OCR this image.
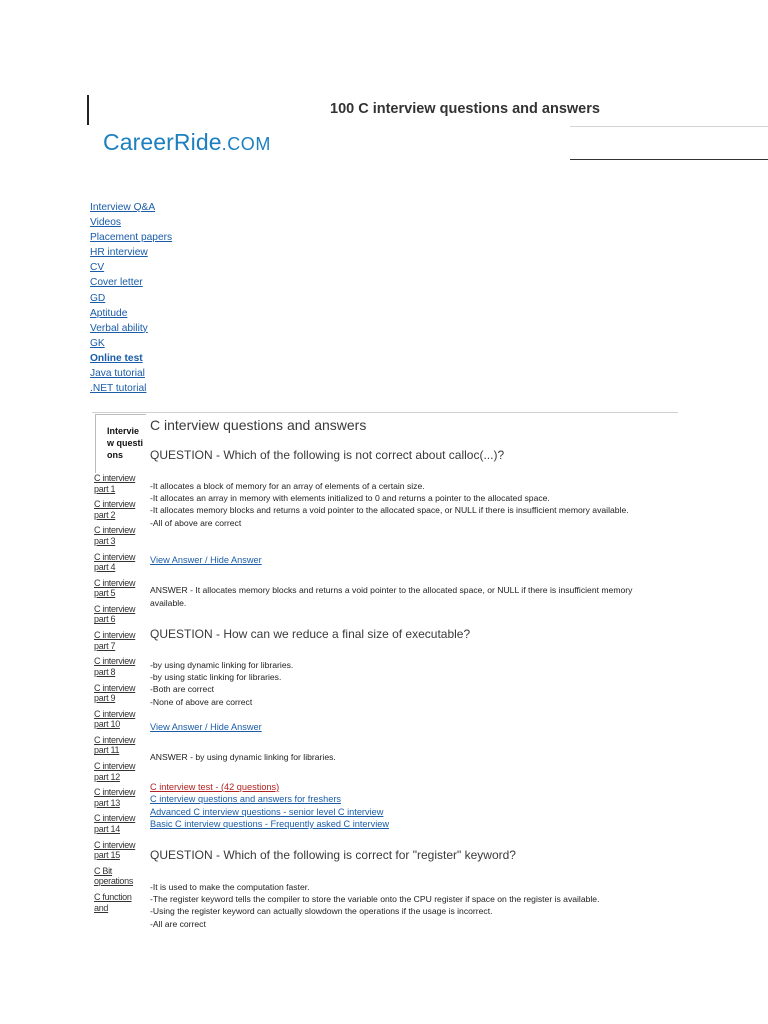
100 C interview questions and answers
CareerRide.COM
Interview Q&A
Videos
Placement papers
HR interview
CV
Cover letter
GD
Aptitude
Verbal ability
GK
Online test
Java tutorial
.NET tutorial
Interview questions
C interview part 1
C interview part 2
C interview part 3
C interview part 4
C interview part 5
C interview part 6
C interview part 7
C interview part 8
C interview part 9
C interview part 10
C interview part 11
C interview part 12
C interview part 13
C interview part 14
C interview part 15
C Bit operations
C function and
C interview questions and answers
QUESTION - Which of the following is not correct about calloc(...)?
-It allocates a block of memory for an array of elements of a certain size.
-It allocates an array in memory with elements initialized to 0 and returns a pointer to the allocated space.
-It allocates memory blocks and returns a void pointer to the allocated space, or NULL if there is insufficient memory available.
-All of above are correct
View Answer / Hide Answer
ANSWER - It allocates memory blocks and returns a void pointer to the allocated space, or NULL if there is insufficient memory available.
QUESTION - How can we reduce a final size of executable?
-by using dynamic linking for libraries.
-by using static linking for libraries.
-Both are correct
-None of above are correct
View Answer / Hide Answer
ANSWER - by using dynamic linking for libraries.
C interview test - (42 questions)
C interview questions and answers for freshers
Advanced C interview questions - senior level C interview
Basic C interview questions - Frequently asked C interview
QUESTION - Which of the following is correct for "register" keyword?
-It is used to make the computation faster.
-The register keyword tells the compiler to store the variable onto the CPU register if space on the register is available.
-Using the register keyword can actually slowdown the operations if the usage is incorrect.
-All are correct
